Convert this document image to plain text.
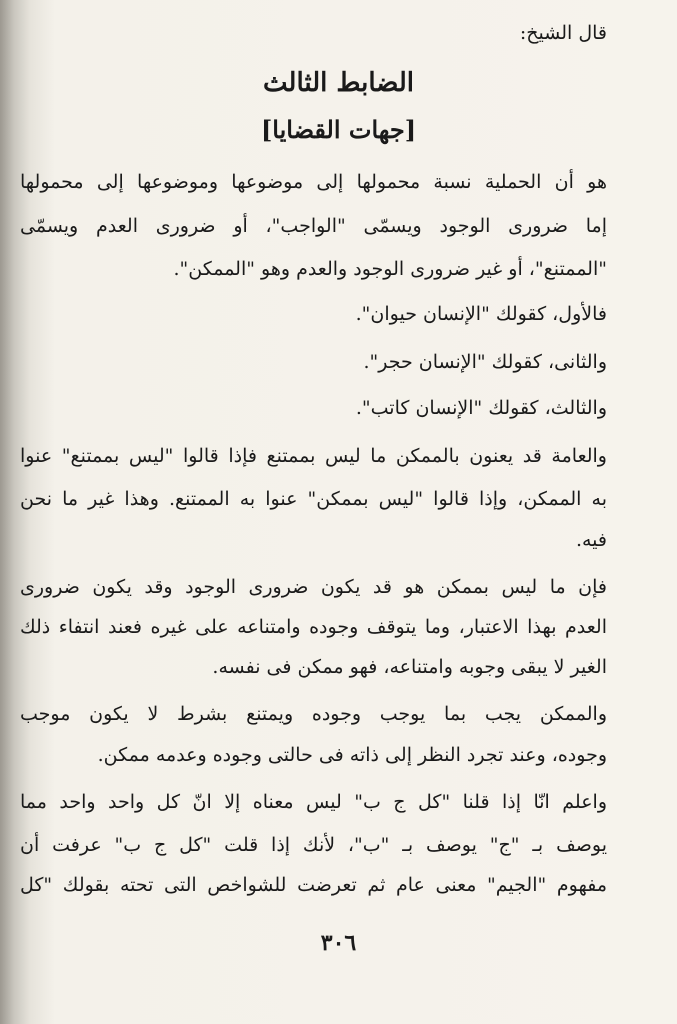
قال الشيخ:
الضابط الثالث
[جهات القضايا]
هو أن الحملية نسبة محمولها إلى موضوعها وموضوعها إلى محمولها
إما ضرورى الوجود ويسمّى "الواجب"، أو ضرورى العدم ويسمّى
"الممتنع"، أو غير ضرورى الوجود والعدم وهو "الممكن".
فالأول، كقولك "الإنسان حيوان".
والثانى، كقولك "الإنسان حجر".
والثالث، كقولك "الإنسان كاتب".
والعامة قد يعنون بالممكن ما ليس بممتنع فإذا قالوا "ليس بممتنع" عنوا
به الممكن، وإذا قالوا "ليس بممكن" عنوا به الممتنع. وهذا غير ما نحن
فيه.
فإن ما ليس بممكن هو قد يكون ضرورى الوجود وقد يكون ضرورى
العدم بهذا الاعتبار، وما يتوقف وجوده وامتناعه على غيره فعند انتفاء ذلك
الغير لا يبقى وجوبه وامتناعه، فهو ممكن فى نفسه.
والممكن يجب بما يوجب وجوده ويمتنع بشرط لا يكون موجب
وجوده، وعند تجرد النظر إلى ذاته فى حالتى وجوده وعدمه ممكن.
واعلم انّا إذا قلنا "كل ج ب" ليس معناه إلا انّ كل واحد واحد مما
يوصف بـ "ج" يوصف بـ "ب"، لأنك إذا قلت "كل ج ب" عرفت أن
مفهوم "الجيم" معنى عام ثم تعرضت للشواخص التى تحته بقولك "كل
٣٠٦
